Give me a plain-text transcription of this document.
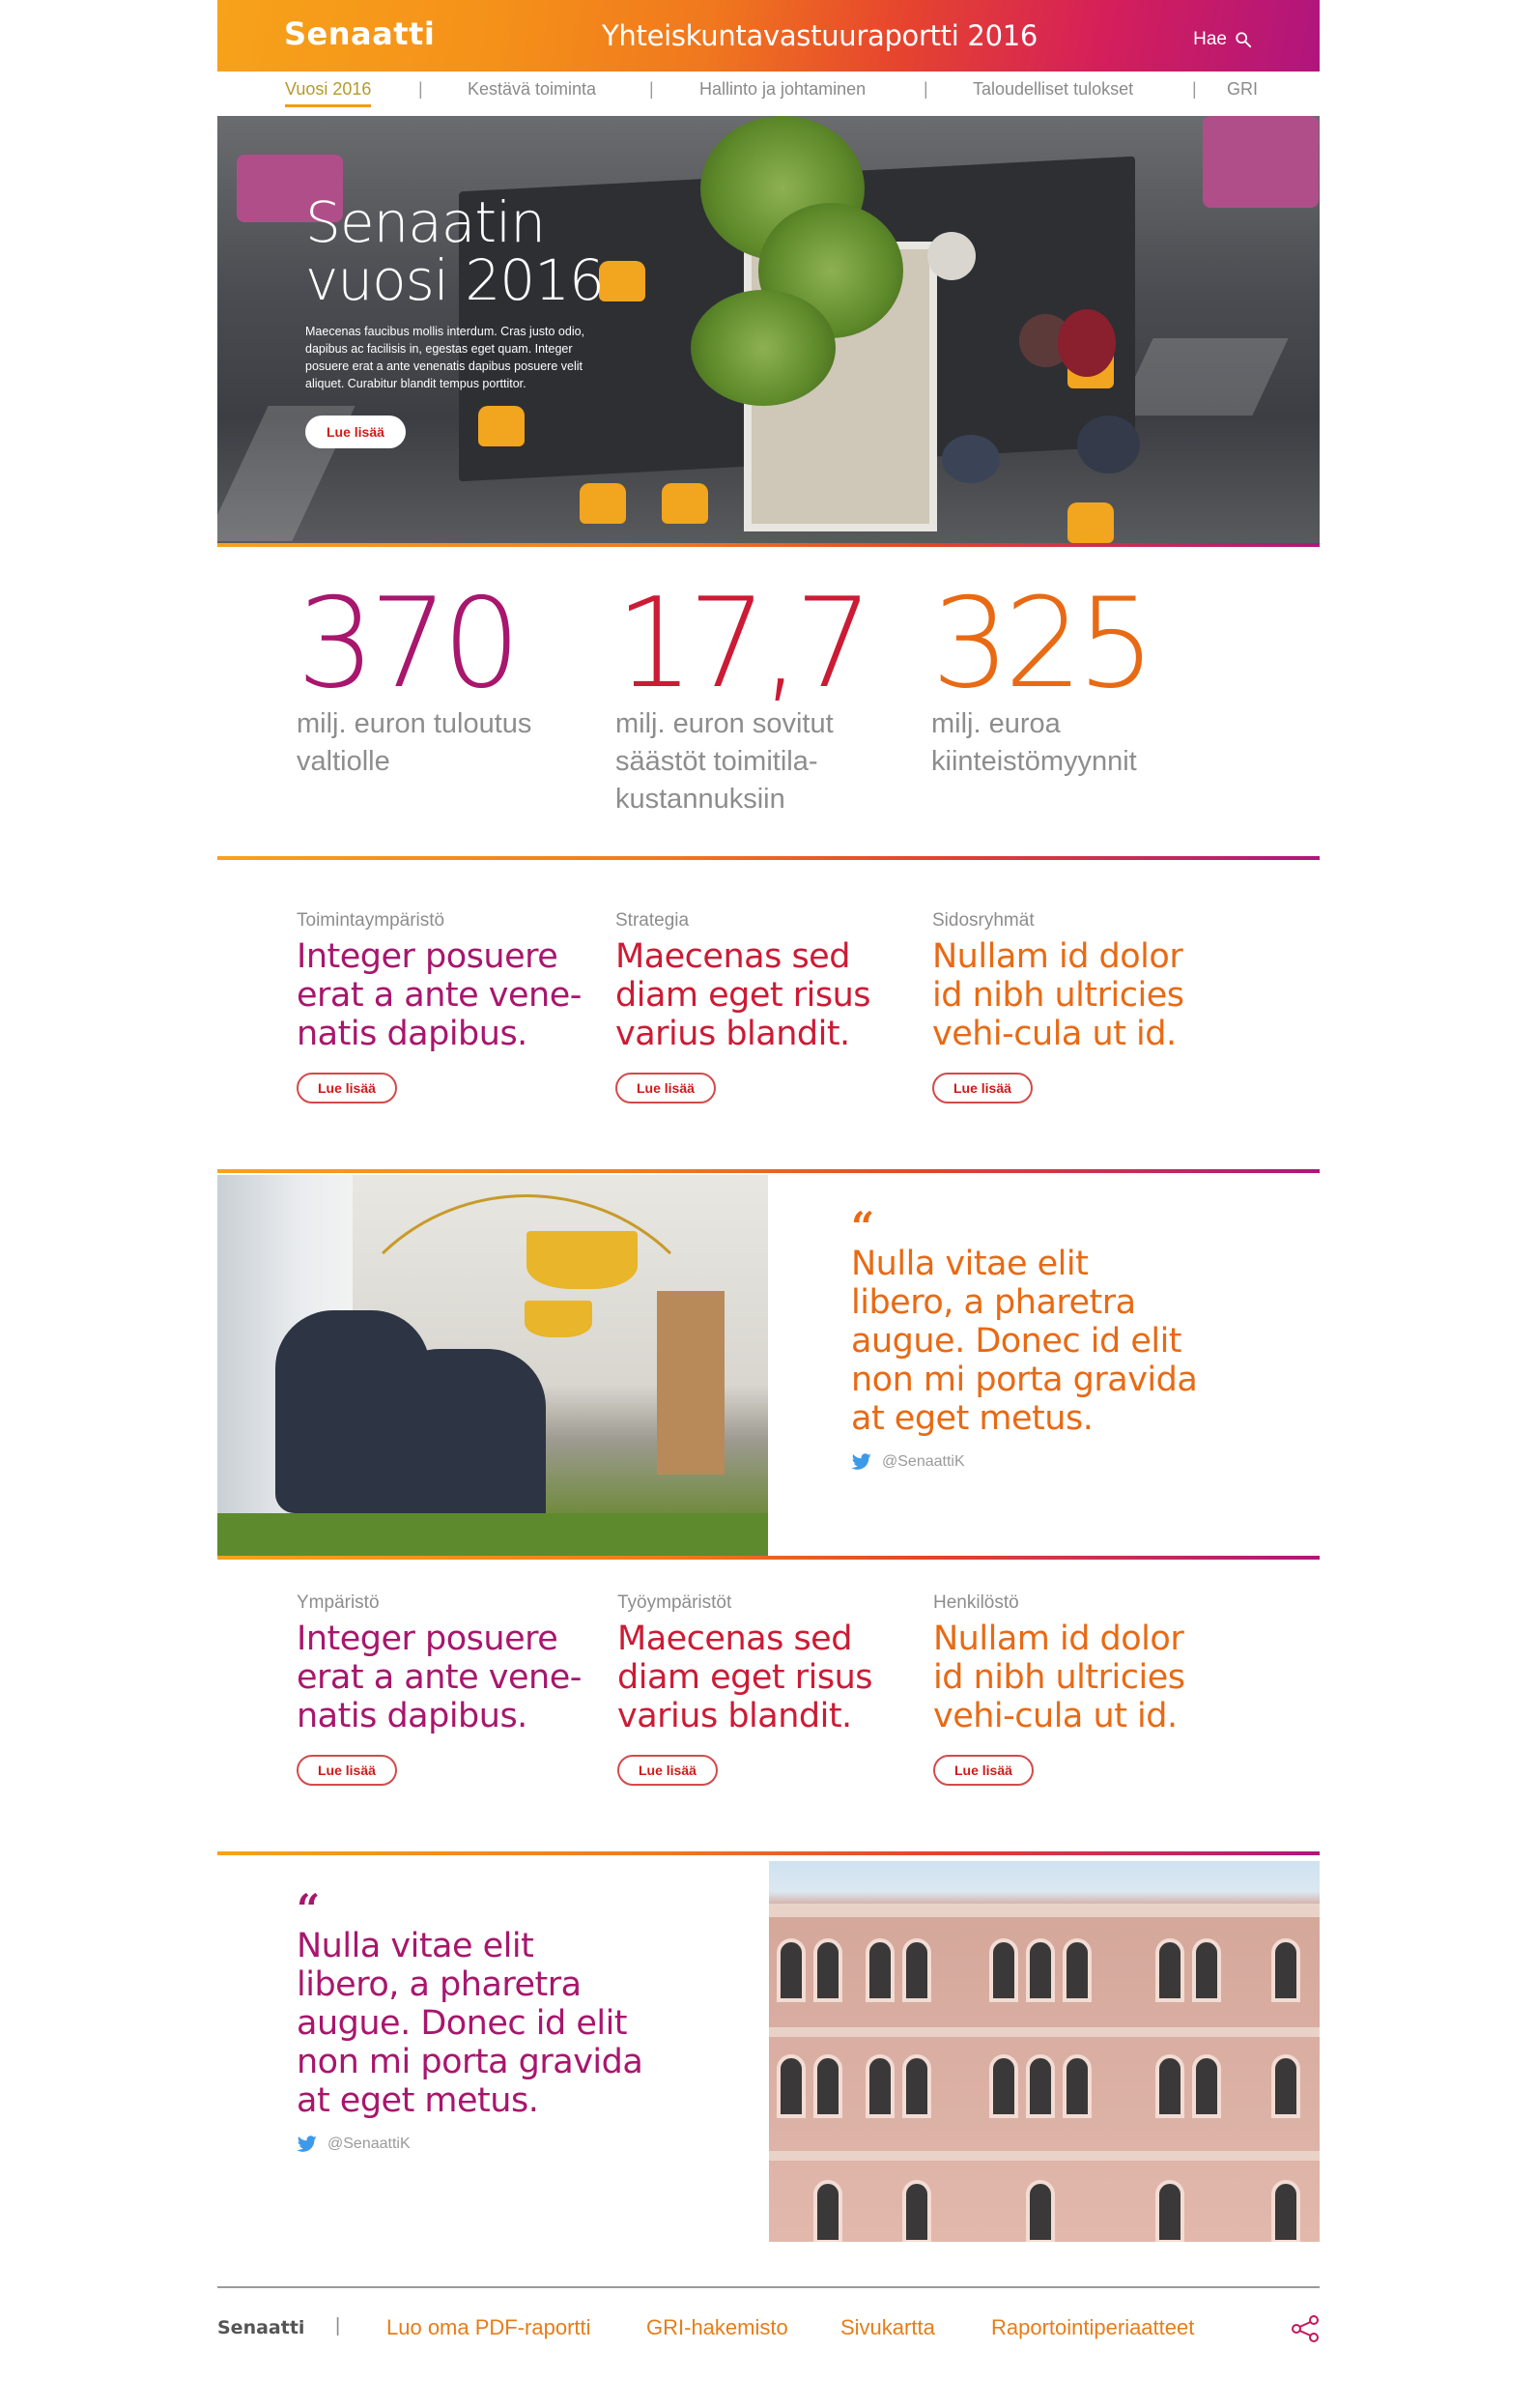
Senaatti	Yhteiskuntavastuuraportti 2016	Hae
Vuosi 2016	|	Kestävä toiminta	|	Hallinto ja johtaminen	|	Taloudelliset tulokset	| GRI
Senaatin
vuosi 2016
Maecenas faucibus mollis interdum. Cras justo odio, dapibus ac facilisis in, egestas eget quam. Integer posuere erat a ante venenatis dapibus posuere velit aliquet. Curabitur blandit tempus porttitor.
Lue lisää
370
milj. euron tuloutus
valtiolle
17,7
milj. euron sovitut
säästöt toimitila-
kustannuksiin
325
milj. euroa
kiinteistömyynnit
Toimintaympäristö
Integer posuere erat a ante vene-natis dapibus.
Lue lisää
Strategia
Maecenas sed diam eget risus varius blandit.
Lue lisää
Sidosryhmät
Nullam id dolor id nibh ultricies vehi-cula ut id.
Lue lisää
“
Nulla vitae elit libero, a pharetra augue. Donec id elit non mi porta gravida at eget metus.
@SenaattiK
Ympäristö
Integer posuere erat a ante vene-natis dapibus.
Lue lisää
Työympäristöt
Maecenas sed diam eget risus varius blandit.
Lue lisää
Henkilöstö
Nullam id dolor id nibh ultricies vehi-cula ut id.
Lue lisää
“
Nulla vitae elit libero, a pharetra augue. Donec id elit non mi porta gravida at eget metus.
@SenaattiK
Senaatti | Luo oma PDF-raportti	GRI-hakemisto Sivukartta	Raportointiperiaatteet
